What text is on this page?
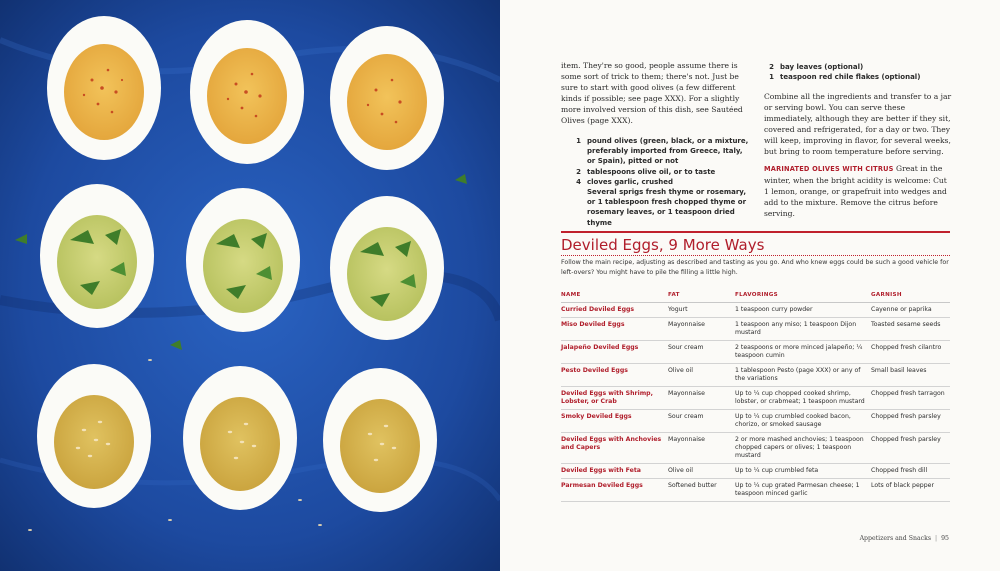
item. They're so good, people assume there is some sort of trick to them; there's not. Just be sure to start with good olives (a few different kinds if possible; see page XXX). For a slightly more involved version of this dish, see Sautéed Olives (page XXX).

1 pound olives (green, black, or a mixture, preferably imported from Greece, Italy, or Spain), pitted or not
2 tablespoons olive oil, or to taste
4 cloves garlic, crushed
Several sprigs fresh thyme or rosemary, or 1 tablespoon fresh chopped thyme or rosemary leaves, or 1 teaspoon dried thyme
2 bay leaves (optional)
1 teaspoon red chile flakes (optional)

Combine all the ingredients and transfer to a jar or serving bowl. You can serve these immediately, although they are better if they sit, covered and refrigerated, for a day or two. They will keep, improving in flavor, for several weeks, but bring to room temperature before serving.

MARINATED OLIVES WITH CITRUS Great in the winter, when the bright acidity is welcome: Cut 1 lemon, orange, or grapefruit into wedges and add to the mixture. Remove the citrus before serving.

Deviled Eggs, 9 More Ways

Follow the main recipe, adjusting as described and tasting as you go. And who knew eggs could be such a good vehicle for left-overs? You might have to pile the filling a little high.

NAME	FAT	FLAVORINGS	GARNISH
Curried Deviled Eggs	Yogurt	1 teaspoon curry powder	Cayenne or paprika
Miso Deviled Eggs	Mayonnaise	1 teaspoon any miso; 1 teaspoon Dijon mustard	Toasted sesame seeds
Jalapeño Deviled Eggs	Sour cream	2 teaspoons or more minced jalapeño; ¼ teaspoon cumin	Chopped fresh cilantro
Pesto Deviled Eggs	Olive oil	1 tablespoon Pesto (page XXX) or any of the variations	Small basil leaves
Deviled Eggs with Shrimp, Lobster, or Crab	Mayonnaise	Up to ¼ cup chopped cooked shrimp, lobster, or crabmeat; 1 teaspoon mustard	Chopped fresh tarragon
Smoky Deviled Eggs	Sour cream	Up to ¼ cup crumbled cooked bacon, chorizo, or smoked sausage	Chopped fresh parsley
Deviled Eggs with Anchovies and Capers	Mayonnaise	2 or more mashed anchovies; 1 teaspoon chopped capers or olives; 1 teaspoon mustard	Chopped fresh parsley
Deviled Eggs with Feta	Olive oil	Up to ¼ cup crumbled feta	Chopped fresh dill
Parmesan Deviled Eggs	Softened butter	Up to ¼ cup grated Parmesan cheese; 1 teaspoon minced garlic	Lots of black pepper
Appetizers and Snacks | 95
